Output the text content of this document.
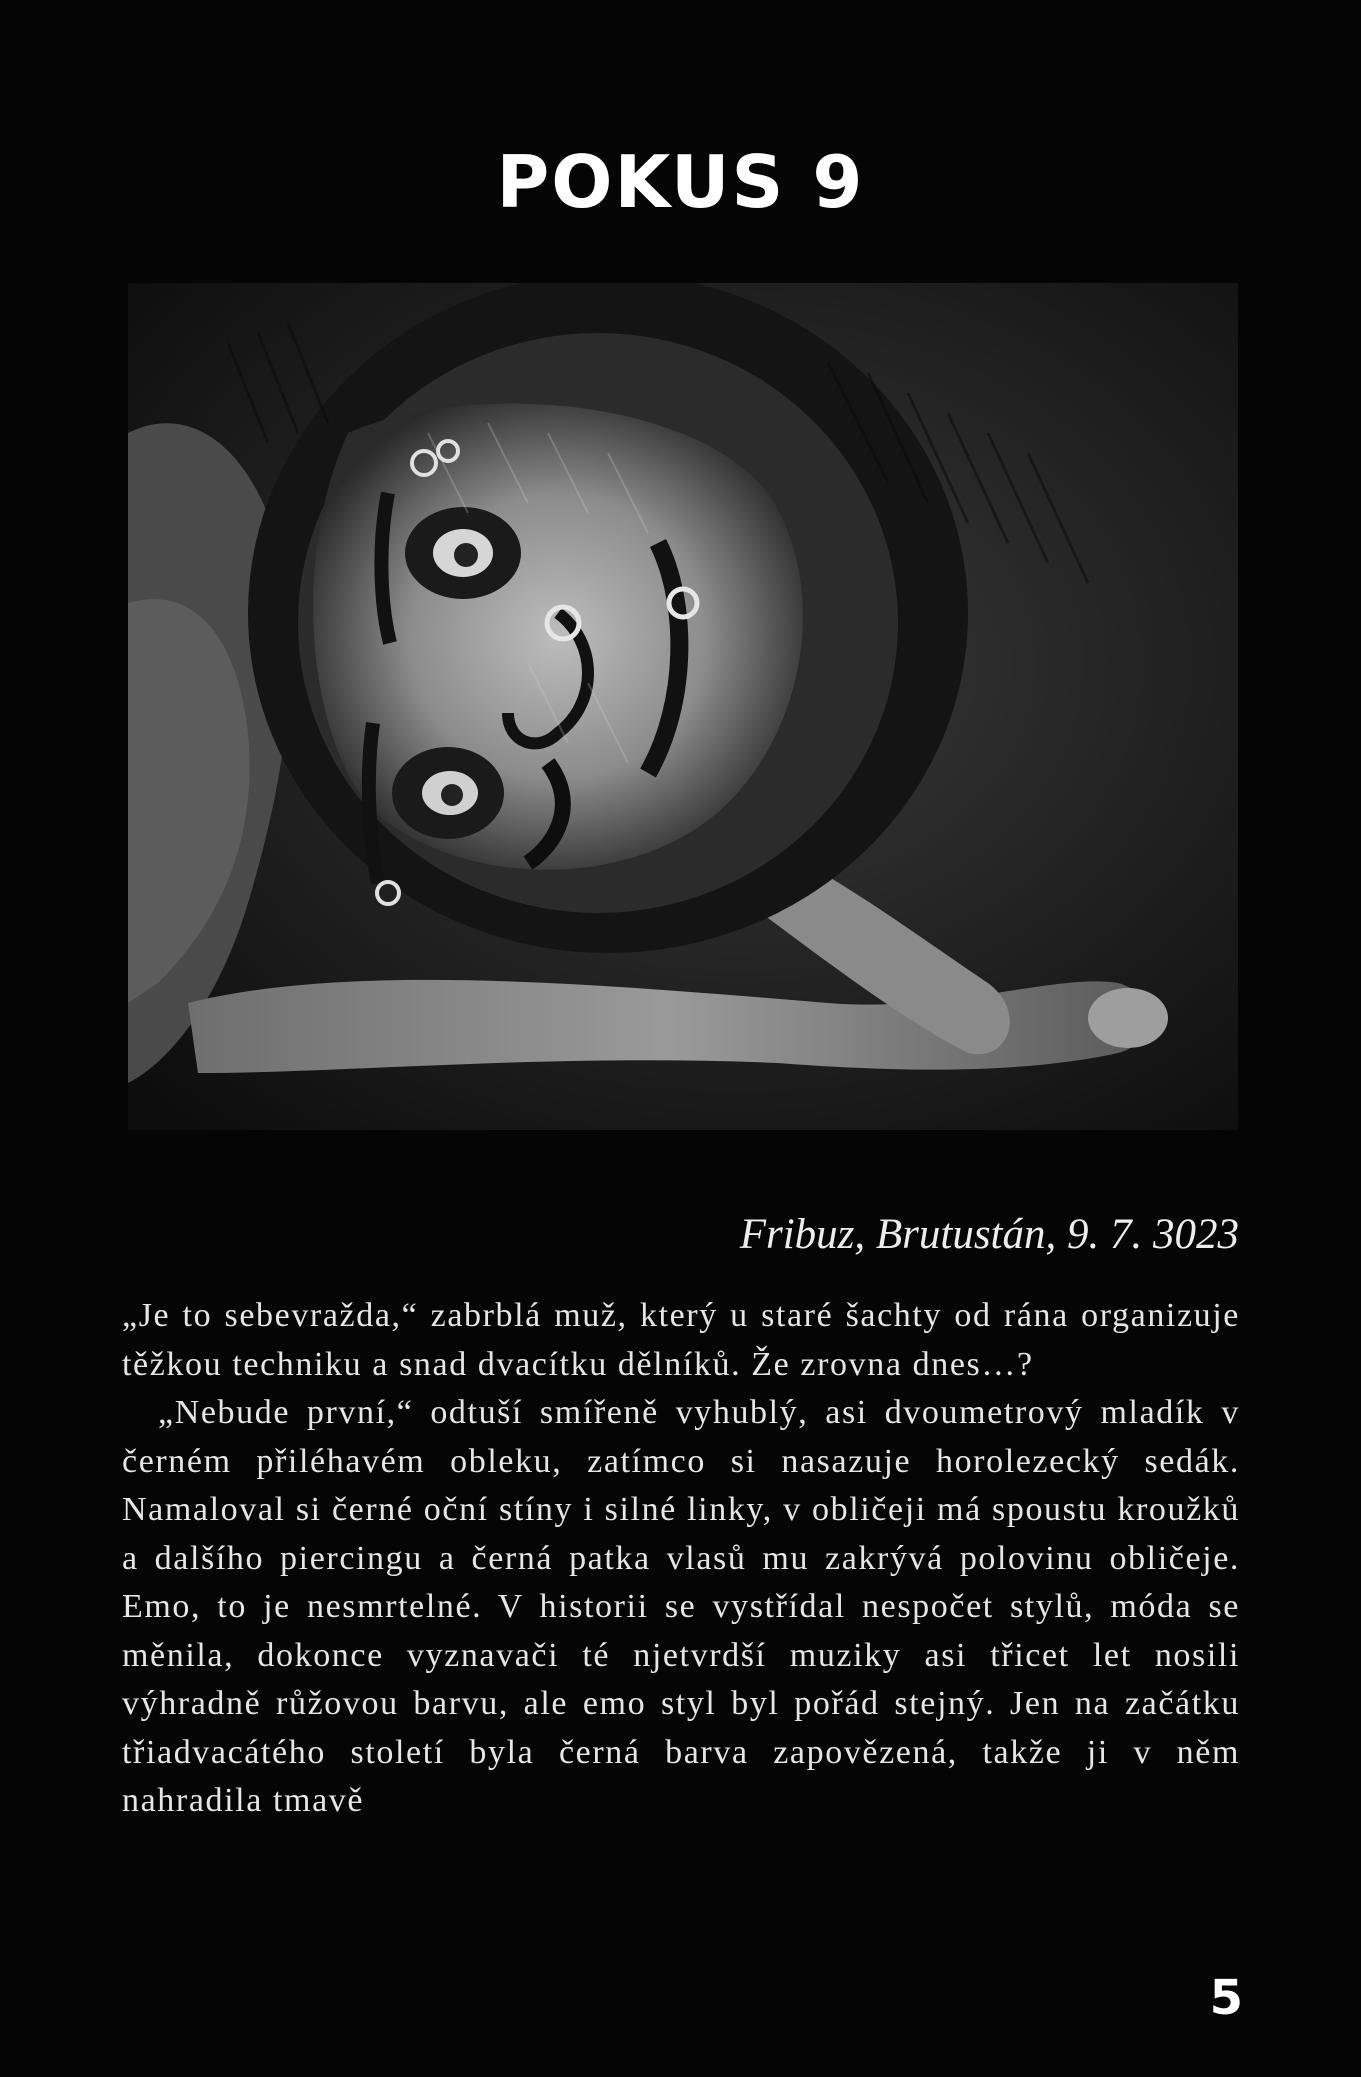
POKUS 9

Fribuz, Brutustán, 9. 7. 3023

„Je to sebevražda,“ zabrblá muž, který u staré šachty od rána organizuje těžkou techniku a snad dvacítku dělníků. Že zrovna dnes…?

„Nebude první,“ odtuší smířeně vyhublý, asi dvoumetrový mladík v černém přiléhavém obleku, zatímco si nasazuje horolezecký sedák. Namaloval si černé oční stíny i silné linky, v obličeji má spoustu kroužků a dalšího piercingu a černá patka vlasů mu zakrývá polovinu obličeje. Emo, to je nesmrtelné. V historii se vystřídal nespočet stylů, móda se měnila, dokonce vyznavači té njetvrdší muziky asi třicet let nosili výhradně růžovou barvu, ale emo styl byl pořád stejný. Jen na začátku třiadvacátého století byla černá barva zapovězená, takže ji v něm nahradila tmavě

5
